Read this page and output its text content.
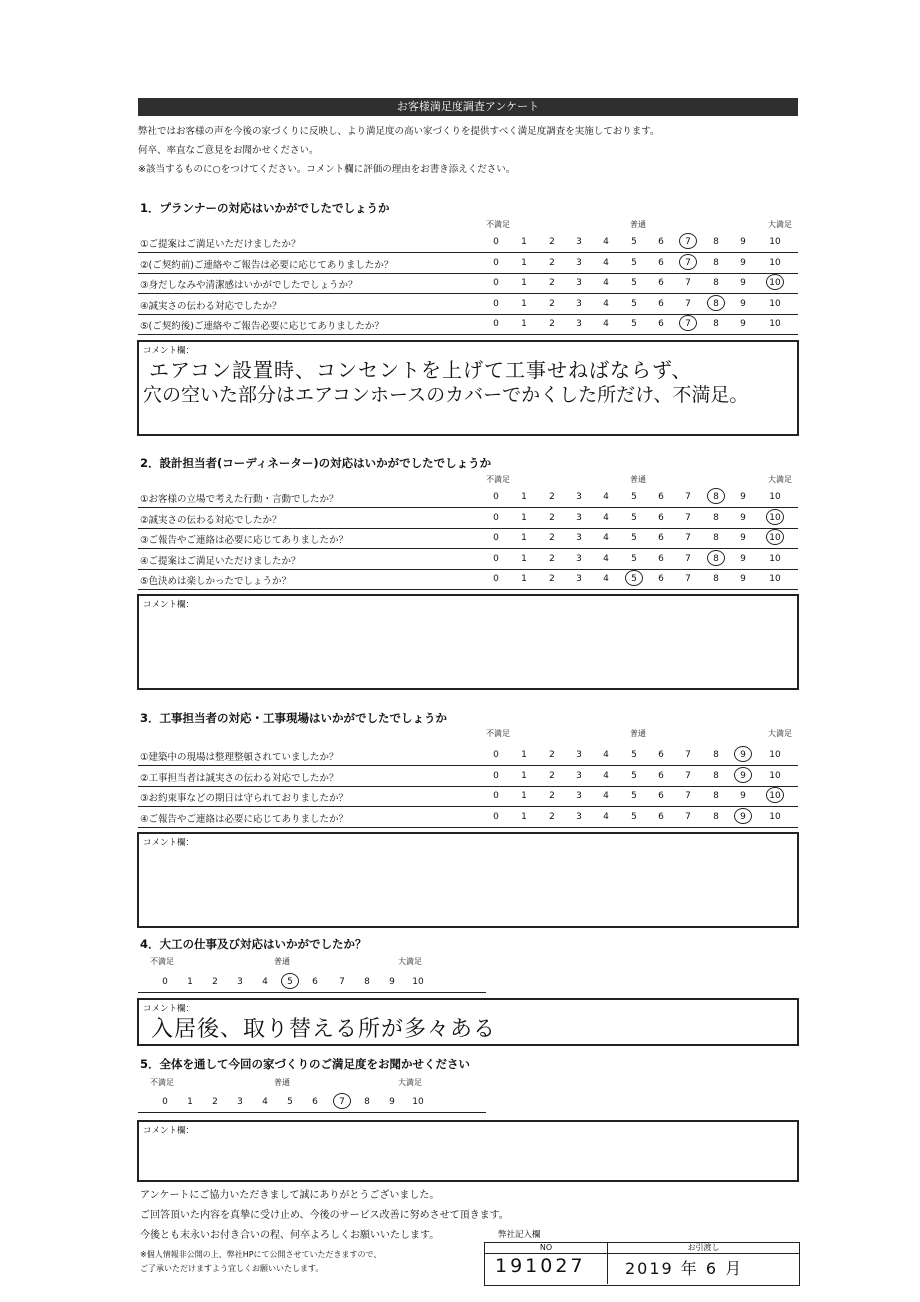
お客様満足度調査アンケート
弊社ではお客様の声を今後の家づくりに反映し、より満足度の高い家づくりを提供すべく満足度調査を実施しております。
何卒、率直なご意見をお聞かせください。
※該当するものに○をつけてください。コメント欄に評価の理由をお書き添えください。
1．プランナーの対応はいかがでしたでしょうか
不満足	普通	大満足
①ご提案はご満足いただけましたか？	0	1	2	3	4	5	6	7	8	9	10
②(ご契約前)ご連絡やご報告は必要に応じてありましたか？	0	1	2	3	4	5	6	7	8	9	10
③身だしなみや清潔感はいかがでしたでしょうか？	0	1	2	3	4	5	6	7	8	9	10
④誠実さの伝わる対応でしたか？	0	1	2	3	4	5	6	7	8	9	10
⑤(ご契約後)ご連絡やご報告必要に応じてありましたか？	0	1	2	3	4	5	6	7	8	9	10
コメント欄：
エアコン設置時、コンセントを上げて工事せねばならず、
穴の空いた部分はエアコンホースのカバーでかくした所だけ、不満足。
2．設計担当者(コーディネーター)の対応はいかがでしたでしょうか
不満足	普通	大満足
①お客様の立場で考えた行動・言動でしたか？	0	1	2	3	4	5	6	7	8	9	10
②誠実さの伝わる対応でしたか？	0	1	2	3	4	5	6	7	8	9	10
③ご報告やご連絡は必要に応じてありましたか？	0	1	2	3	4	5	6	7	8	9	10
④ご提案はご満足いただけましたか？	0	1	2	3	4	5	6	7	8	9	10
⑤色決めは楽しかったでしょうか？	0	1	2	3	4	5	6	7	8	9	10
コメント欄：
3．工事担当者の対応・工事現場はいかがでしたでしょうか
不満足	普通	大満足
①建築中の現場は整理整頓されていましたか？	0	1	2	3	4	5	6	7	8	9	10
②工事担当者は誠実さの伝わる対応でしたか？	0	1	2	3	4	5	6	7	8	9	10
③お約束事などの期日は守られておりましたか？	0	1	2	3	4	5	6	7	8	9	10
④ご報告やご連絡は必要に応じてありましたか？	0	1	2	3	4	5	6	7	8	9	10
コメント欄：
4．大工の仕事及び対応はいかがでしたか？
不満足	普通	大満足
0	1	2	3	4	5	6	7	8	9	10
コメント欄：
入居後、取り替える所が多々ある
5．全体を通して今回の家づくりのご満足度をお聞かせください
不満足	普通	大満足
0	1	2	3	4	5	6	7	8	9	10
コメント欄：
アンケートにご協力いただきまして誠にありがとうございました。
ご回答頂いた内容を真摯に受け止め、今後のサービス改善に努めさせて頂きます。
今後とも末永いお付き合いの程、何卒よろしくお願いいたします。
※個人情報非公開の上、弊社HPにて公開させていただきますので、
ご了承いただけますよう宜しくお願いいたします。
弊社記入欄
NO	お引渡し
191027 2019 年 6 月
